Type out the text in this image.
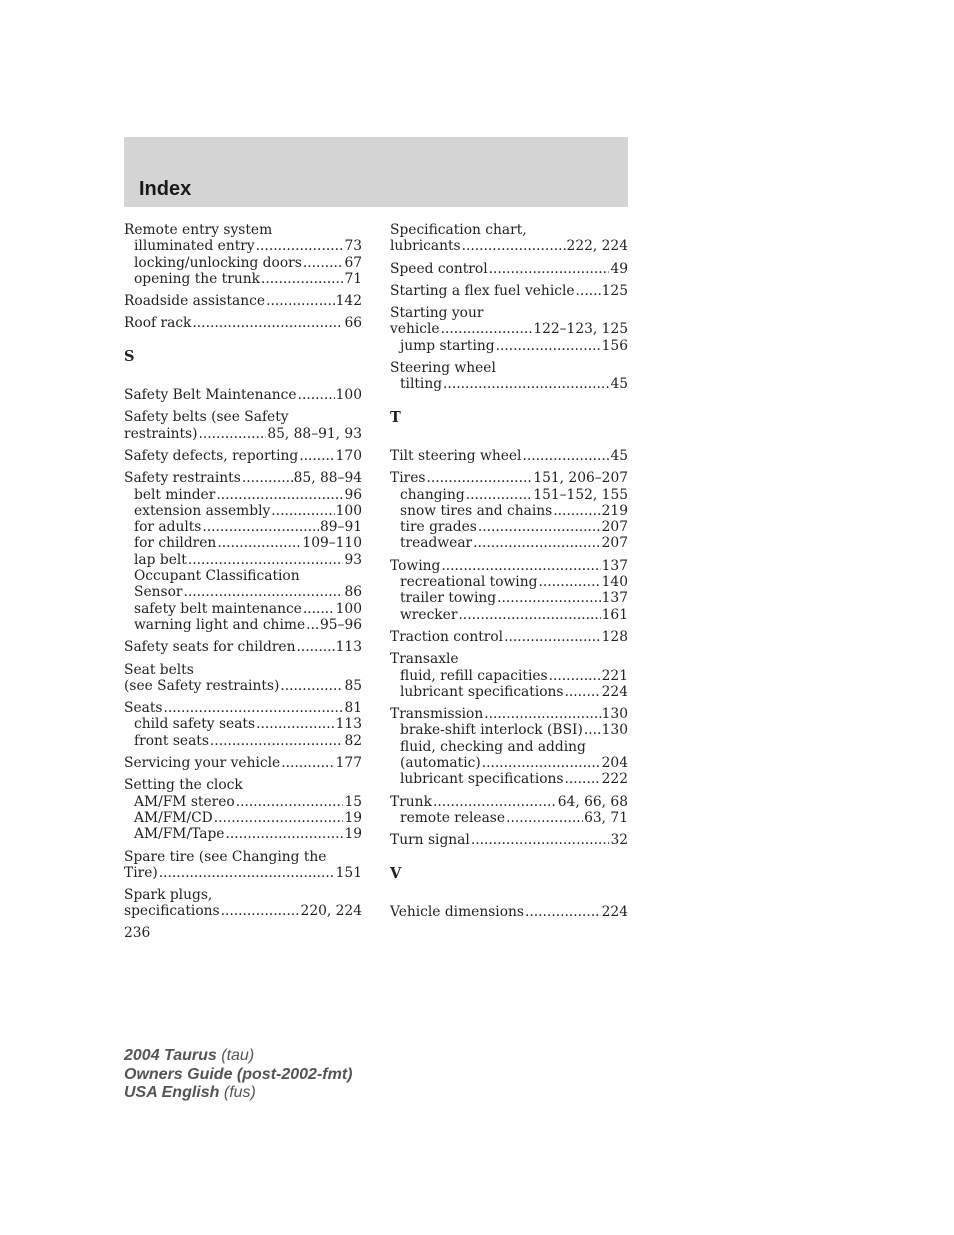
Index
Remote entry system
illuminated entry .....	73
locking/unlocking doors .....	67
opening the trunk .....	71
Roadside assistance .....	142
Roof rack .....	66
S
Safety Belt Maintenance .....	100
Safety belts (see Safety
restraints) .....	85, 88–91, 93
Safety defects, reporting .....	170
Safety restraints .....	85, 88–94
belt minder .....	96
extension assembly .....	100
for adults .....	89–91
for children .....	109–110
lap belt .....	93
Occupant Classification
Sensor .....	86
safety belt maintenance ..... 100
warning light and chime ..... 95–96
Safety seats for children .....	113
Seat belts
(see Safety restraints) .....	85
Seats .....	81
child safety seats .....	113
front seats .....	82
Servicing your vehicle .....	177
Setting the clock
AM/FM stereo .....	15
AM/FM/CD .....	19
AM/FM/Tape .....	19
Spare tire (see Changing the
Tire) .....	151
Spark plugs,
specifications .....	220, 224
Specification chart,
lubricants .....	222, 224
Speed control .....	49
Starting a flex fuel vehicle ..... 125
Starting your
vehicle .....	122–123, 125
jump starting .....	156
Steering wheel
tilting .....	45
T
Tilt steering wheel .....	45
Tires .....	151, 206–207
changing .....	151–152, 155
snow tires and chains .....	219
tire grades .....	207
treadwear .....	207
Towing .....	137
recreational towing .....	140
trailer towing .....	137
wrecker .....	161
Traction control .....	128
Transaxle
fluid, refill capacities .....	221
lubricant specifications .....	224
Transmission .....	130
brake-shift interlock (BSI) ..... 130
fluid, checking and adding
(automatic) .....	204
lubricant specifications .....	222
Trunk .....	64, 66, 68
remote release .....	63, 71
Turn signal .....	32
V
Vehicle dimensions .....	224
236
2004 Taurus (tau)
Owners Guide (post-2002-fmt)
USA English (fus)
